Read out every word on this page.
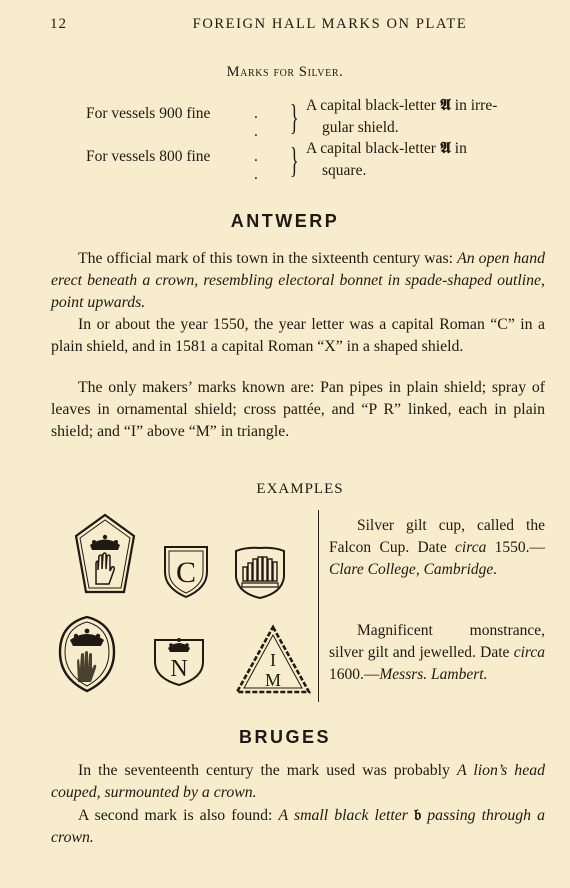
12	FOREIGN HALL MARKS ON PLATE
Marks for Silver.
For vessels 900 fine	. . } A capital black-letter 𝕬 in irre-
gular shield.
For vessels 800 fine	. . } A capital black-letter 𝕬 in
square.
ANTWERP

The official mark of this town in the sixteenth century was: An open hand erect beneath a crown, resembling electoral bonnet in spade-shaped outline, point upwards.

In or about the year 1550, the year letter was a capital Roman “C” in a plain shield, and in 1581 a capital Roman “X” in a shaped shield.

The only makers’ marks known are: Pan pipes in plain shield; spray of leaves in ornamental shield; cross pattée, and “P R” linked, each in plain shield; and “I” above “M” in triangle.

EXAMPLES
C
N	I
M
Silver gilt cup, called the Falcon Cup. Date circa 1550.—Clare College, Cambridge.
Magnificent monstrance, silver gilt and jewelled. Date circa 1600.—Messrs. Lambert.
BRUGES

In the seventeenth century the mark used was probably A lion’s head couped, surmounted by a crown.

A second mark is also found: A small black letter 𝔟 passing through a crown.
